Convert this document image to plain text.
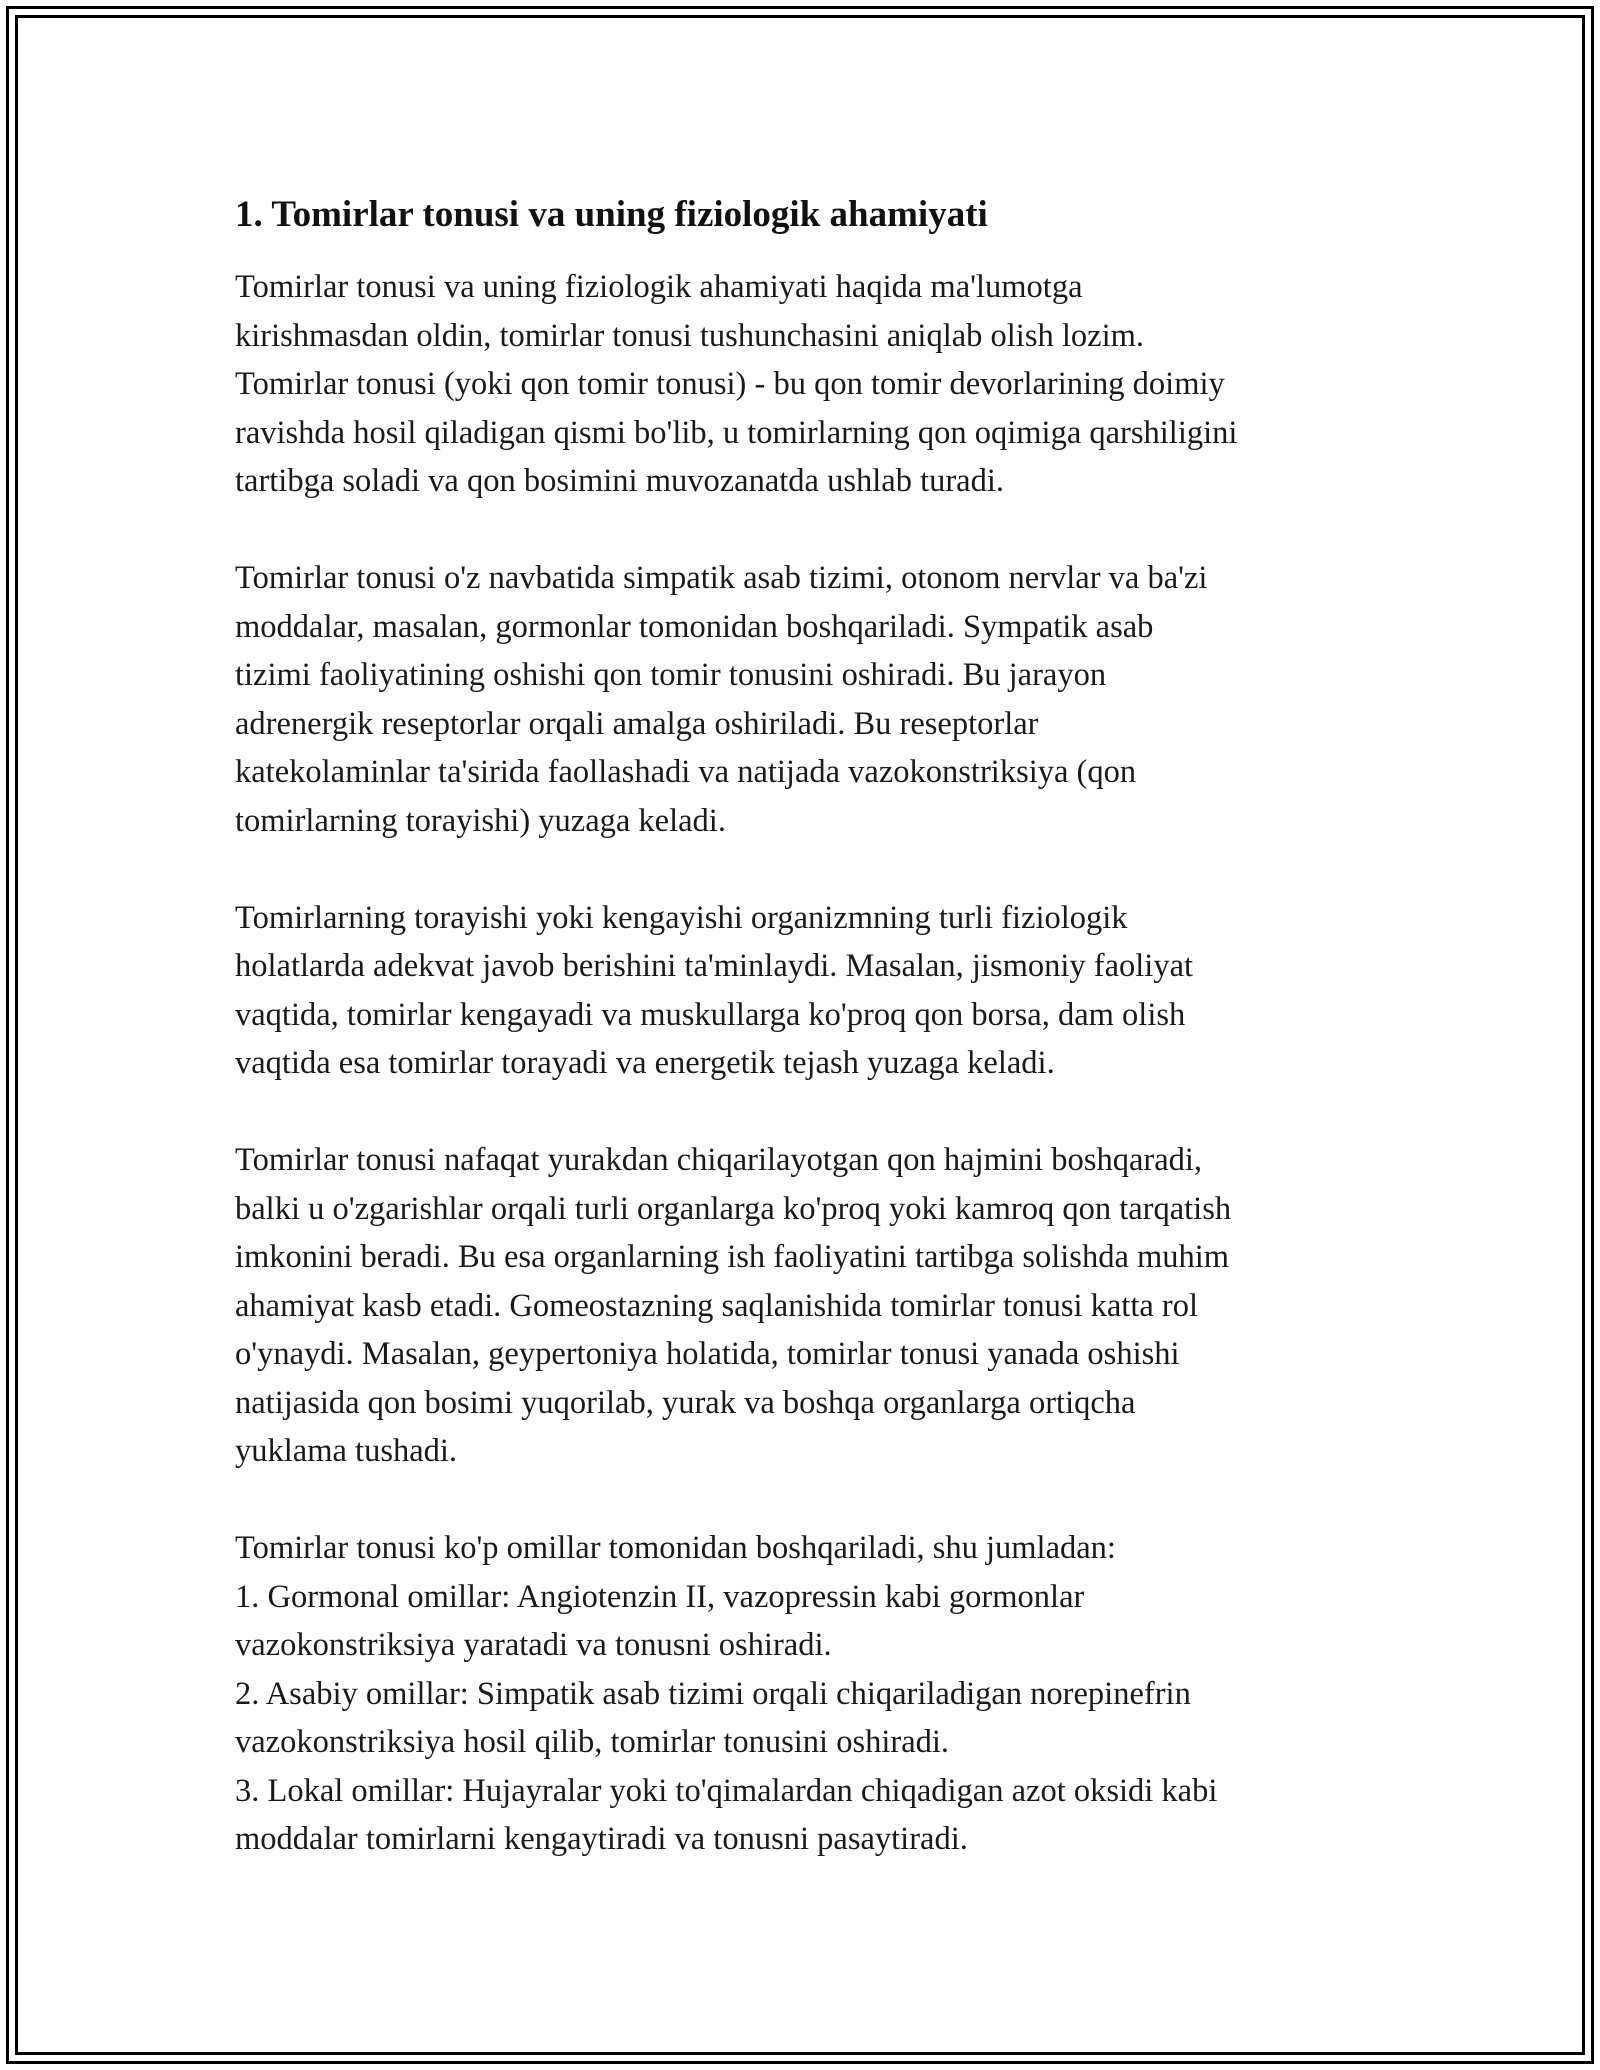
1. Tomirlar tonusi va uning fiziologik ahamiyati

Tomirlar tonusi va uning fiziologik ahamiyati haqida ma'lumotga
kirishmasdan oldin, tomirlar tonusi tushunchasini aniqlab olish lozim.
Tomirlar tonusi (yoki qon tomir tonusi) - bu qon tomir devorlarining doimiy
ravishda hosil qiladigan qismi bo'lib, u tomirlarning qon oqimiga qarshiligini
tartibga soladi va qon bosimini muvozanatda ushlab turadi.

Tomirlar tonusi o'z navbatida simpatik asab tizimi, otonom nervlar va ba'zi
moddalar, masalan, gormonlar tomonidan boshqariladi. Sympatik asab
tizimi faoliyatining oshishi qon tomir tonusini oshiradi. Bu jarayon
adrenergik reseptorlar orqali amalga oshiriladi. Bu reseptorlar
katekolaminlar ta'sirida faollashadi va natijada vazokonstriksiya (qon
tomirlarning torayishi) yuzaga keladi.

Tomirlarning torayishi yoki kengayishi organizmning turli fiziologik
holatlarda adekvat javob berishini ta'minlaydi. Masalan, jismoniy faoliyat
vaqtida, tomirlar kengayadi va muskullarga ko'proq qon borsa, dam olish
vaqtida esa tomirlar torayadi va energetik tejash yuzaga keladi.

Tomirlar tonusi nafaqat yurakdan chiqarilayotgan qon hajmini boshqaradi,
balki u o'zgarishlar orqali turli organlarga ko'proq yoki kamroq qon tarqatish
imkonini beradi. Bu esa organlarning ish faoliyatini tartibga solishda muhim
ahamiyat kasb etadi. Gomeostazning saqlanishida tomirlar tonusi katta rol
o'ynaydi. Masalan, geypertoniya holatida, tomirlar tonusi yanada oshishi
natijasida qon bosimi yuqorilab, yurak va boshqa organlarga ortiqcha
yuklama tushadi.

Tomirlar tonusi ko'p omillar tomonidan boshqariladi, shu jumladan:
1. Gormonal omillar: Angiotenzin II, vazopressin kabi gormonlar
vazokonstriksiya yaratadi va tonusni oshiradi.
2. Asabiy omillar: Simpatik asab tizimi orqali chiqariladigan norepinefrin
vazokonstriksiya hosil qilib, tomirlar tonusini oshiradi.
3. Lokal omillar: Hujayralar yoki to'qimalardan chiqadigan azot oksidi kabi
moddalar tomirlarni kengaytiradi va tonusni pasaytiradi.
